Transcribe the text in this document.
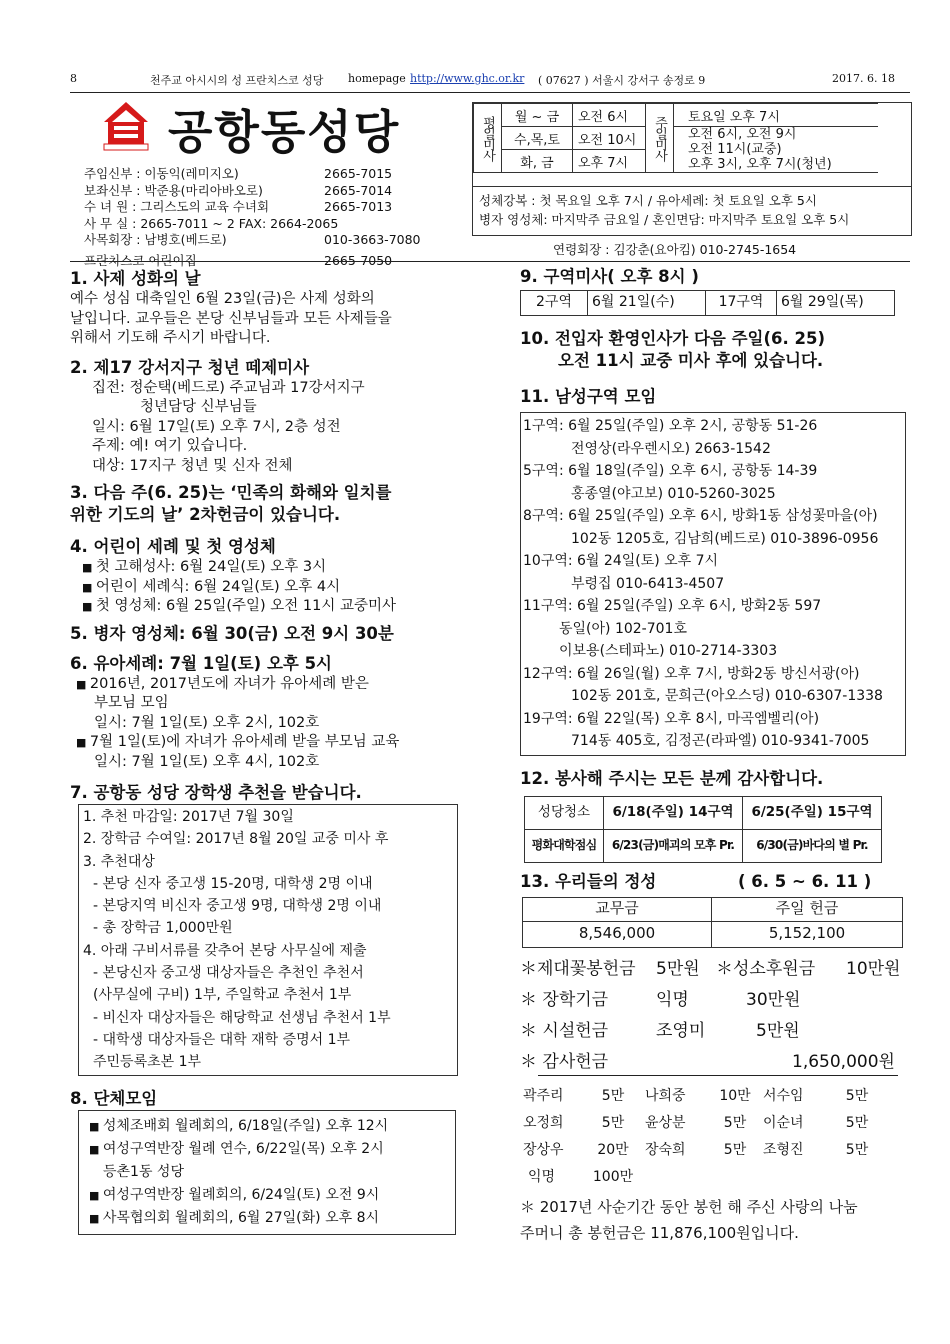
8	천주교 아시시의 성 프란치스코 성당 homepage http://www.ghc.or.kr ( 07627 ) 서울시 강서구 송정로 9	2017. 6. 18
공항동성당
주임신부 : 이동익(레미지오)	2665-7015
보좌신부 : 박준용(마리아바오로)	2665-7014
수 녀 원 : 그리스도의 교육 수녀회	2665-7013
사 무 실 : 2665-7011 ~ 2 FAX: 2664-2065
사목회장 : 남병호(베드로)	010-3663-7080
프란치스코 어린이집	2665-7050
평일미사	월 ~ 금	오전 6시	주일미사	토요일 오후 7시
	수,목,토	오전 10시		오전 6시, 오전 9시
오전 11시(교중)
오후 3시, 오후 7시(청년)

	화, 금	오후 7시		
성체강복 : 첫 목요일 오후 7시 / 유아세례: 첫 토요일 오후 5시
병자 영성체: 마지막주 금요일 / 혼인면담: 마지막주 토요일 오후 5시
연령회장 : 김강춘(요아킴) 010-2745-1654
1. 사제 성화의 날
예수 성심 대축일인 6월 23일(금)은 사제 성화의
날입니다. 교우들은 본당 신부님들과 모든 사제들을
위해서 기도해 주시기 바랍니다.
2. 제17 강서지구 청년 떼제미사
집전: 정순택(베드로) 주교님과 17강서지구
청년담당 신부님들
일시: 6월 17일(토) 오후 7시, 2층 성전
주제: 예! 여기 있습니다.
대상: 17지구 청년 및 신자 전체
3. 다음 주(6. 25)는 ‘민족의 화해와 일치를
위한 기도의 날’ 2차헌금이 있습니다.
4. 어린이 세례 및 첫 영성체
■ 첫 고해성사: 6월 24일(토) 오후 3시
■ 어린이 세례식: 6월 24일(토) 오후 4시
■ 첫 영성체: 6월 25일(주일) 오전 11시 교중미사
5. 병자 영성체: 6월 30(금) 오전 9시 30분
6. 유아세례: 7월 1일(토) 오후 5시
■ 2016년, 2017년도에 자녀가 유아세례 받은
부모님 모임
일시: 7월 1일(토) 오후 2시, 102호
■ 7월 1일(토)에 자녀가 유아세례 받을 부모님 교육
일시: 7월 1일(토) 오후 4시, 102호
7. 공항동 성당 장학생 추천을 받습니다.
1. 추천 마감일: 2017년 7월 30일
2. 장학금 수여일: 2017년 8월 20일 교중 미사 후
3. 추천대상
- 본당 신자 중고생 15-20명, 대학생 2명 이내
- 본당지역 비신자 중고생 9명, 대학생 2명 이내
- 총 장학금 1,000만원
4. 아래 구비서류를 갖추어 본당 사무실에 제출
- 본당신자 중고생 대상자들은 추천인 추천서
(사무실에 구비) 1부, 주일학교 추천서 1부
- 비신자 대상자들은 해당학교 선생님 추천서 1부
- 대학생 대상자들은 대학 재학 증명서 1부
주민등록초본 1부
8. 단체모임
■ 성체조배회 월례회의, 6/18일(주일) 오후 12시
■ 여성구역반장 월례 연수, 6/22일(목) 오후 2시
등촌1동 성당
■ 여성구역반장 월례회의, 6/24일(토) 오전 9시
■ 사목협의회 월례회의, 6월 27일(화) 오후 8시
9. 구역미사( 오후 8시 )
2구역	6월 21일(수)	17구역	6월 29일(목)
10. 전입자 환영인사가 다음 주일(6. 25)
오전 11시 교중 미사 후에 있습니다.
11. 남성구역 모임
1구역: 6월 25일(주일) 오후 2시, 공항동 51-26
전영상(라우렌시오) 2663-1542
5구역: 6월 18일(주일) 오후 6시, 공항동 14-39
홍종열(야고보) 010-5260-3025
8구역: 6월 25일(주일) 오후 6시, 방화1동 삼성꽃마을(아)
102동 1205호, 김남희(베드로) 010-3896-0956
10구역: 6월 24일(토) 오후 7시
부령집 010-6413-4507
11구역: 6월 25일(주일) 오후 6시, 방화2동 597
동일(아) 102-701호
이보용(스테파노) 010-2714-3303
12구역: 6월 26일(월) 오후 7시, 방화2동 방신서광(아)
102동 201호, 문희근(아오스딩) 010-6307-1338
19구역: 6월 22일(목) 오후 8시, 마곡엠벨리(아)
714동 405호, 김정곤(라파엘) 010-9341-7005
12. 봉사해 주시는 모든 분께 감사합니다.
성당청소	6/18(주일) 14구역	6/25(주일) 15구역
평화대학점심	6/23(금)매괴의 모후 Pr.	6/30(금)바다의 별 Pr.
13. 우리들의 정성	( 6. 5 ~ 6. 11 )
교무금	주일 헌금
8,546,000	5,152,100
＊제대꽃봉헌금 5만원 ＊성소후원금 10만원
＊ 장학기금	익명	30만원
＊ 시설헌금	조영미	5만원
＊ 감사헌금	1,650,000원
곽주리	5만	나희중	10만	서수임	5만
오정희	5만	윤상분	5만	이순녀	5만
장상우	20만	장숙희	5만	조형진	5만
익명	100만				
＊ 2017년 사순기간 동안 봉헌 해 주신 사랑의 나눔
주머니 총 봉헌금은 11,876,100원입니다.
